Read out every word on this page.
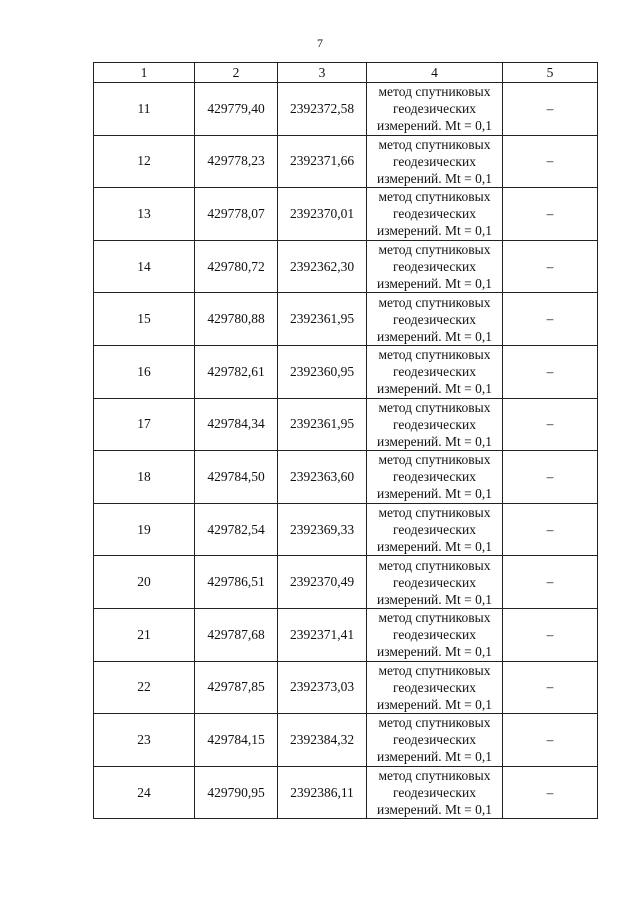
7
1	2	3	4	5
11	429779,40	2392372,58	метод спутниковых
геодезических
измерений. Mt = 0,1	–
12	429778,23	2392371,66	метод спутниковых
геодезических
измерений. Mt = 0,1	–
13	429778,07	2392370,01	метод спутниковых
геодезических
измерений. Mt = 0,1	–
14	429780,72	2392362,30	метод спутниковых
геодезических
измерений. Mt = 0,1	–
15	429780,88	2392361,95	метод спутниковых
геодезических
измерений. Mt = 0,1	–
16	429782,61	2392360,95	метод спутниковых
геодезических
измерений. Mt = 0,1	–
17	429784,34	2392361,95	метод спутниковых
геодезических
измерений. Mt = 0,1	–
18	429784,50	2392363,60	метод спутниковых
геодезических
измерений. Mt = 0,1	–
19	429782,54	2392369,33	метод спутниковых
геодезических
измерений. Mt = 0,1	–
20	429786,51	2392370,49	метод спутниковых
геодезических
измерений. Mt = 0,1	–
21	429787,68	2392371,41	метод спутниковых
геодезических
измерений. Mt = 0,1	–
22	429787,85	2392373,03	метод спутниковых
геодезических
измерений. Mt = 0,1	–
23	429784,15	2392384,32	метод спутниковых
геодезических
измерений. Mt = 0,1	–
24	429790,95	2392386,11	метод спутниковых
геодезических
измерений. Mt = 0,1	–
